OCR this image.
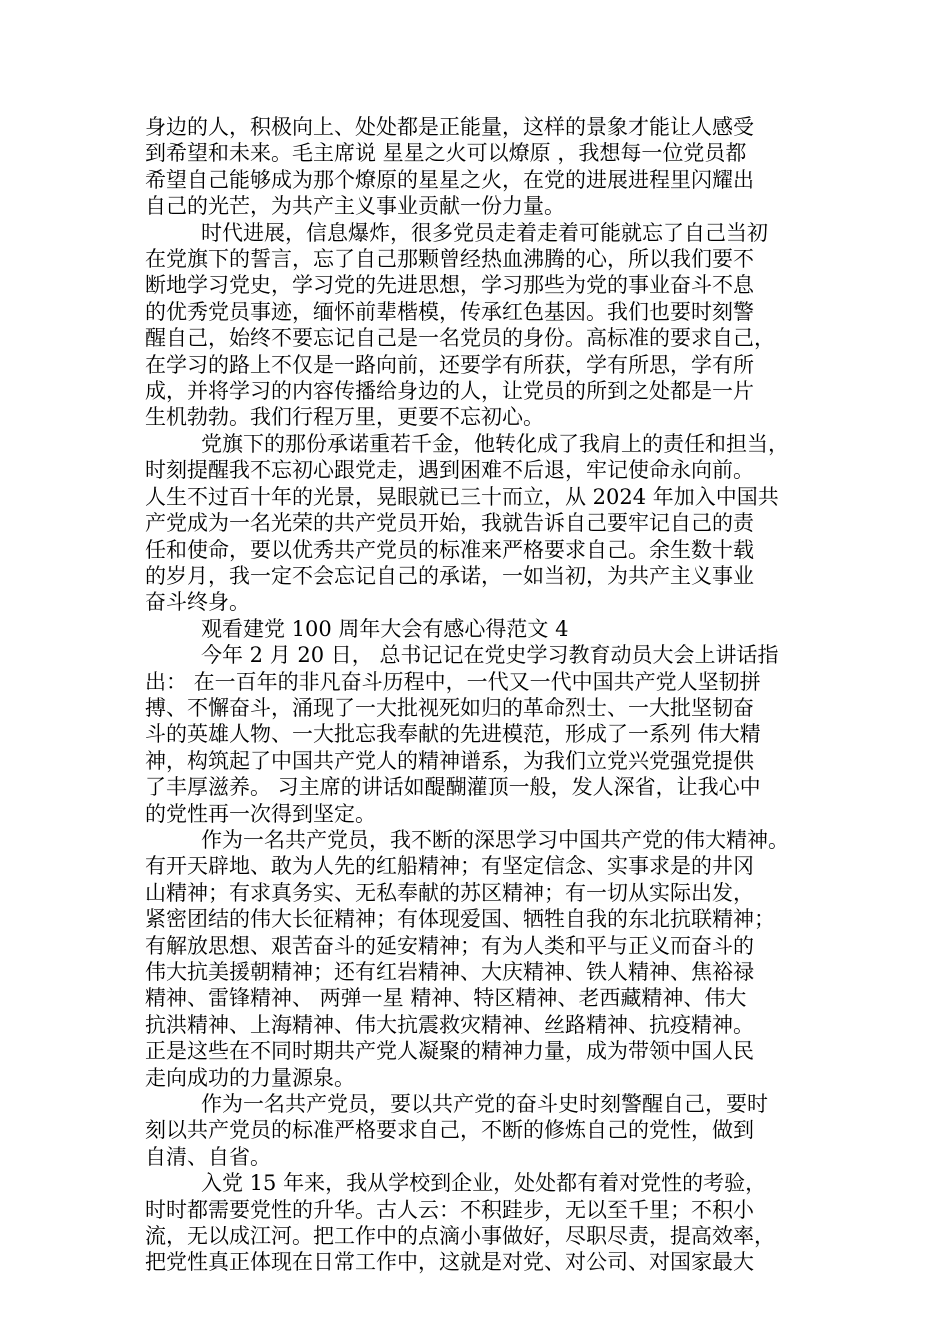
身边的人，积极向上、处处都是正能量，这样的景象才能让人感受
到希望和未来。毛主席说 星星之火可以燎原 ，我想每一位党员都
希望自己能够成为那个燎原的星星之火，在党的进展进程里闪耀出
自己的光芒，为共产主义事业贡献一份力量。

时代进展，信息爆炸，很多党员走着走着可能就忘了自己当初
在党旗下的誓言，忘了自己那颗曾经热血沸腾的心，所以我们要不
断地学习党史，学习党的先进思想，学习那些为党的事业奋斗不息
的优秀党员事迹，缅怀前辈楷模，传承红色基因。我们也要时刻警
醒自己，始终不要忘记自己是一名党员的身份。高标准的要求自己，
在学习的路上不仅是一路向前，还要学有所获，学有所思，学有所
成，并将学习的内容传播给身边的人，让党员的所到之处都是一片
生机勃勃。我们行程万里，更要不忘初心。

党旗下的那份承诺重若千金，他转化成了我肩上的责任和担当，
时刻提醒我不忘初心跟党走，遇到困难不后退，牢记使命永向前。
人生不过百十年的光景，晃眼就已三十而立，从 2024 年加入中国共
产党成为一名光荣的共产党员开始，我就告诉自己要牢记自己的责
任和使命，要以优秀共产党员的标准来严格要求自己。余生数十载
的岁月，我一定不会忘记自己的承诺，一如当初，为共产主义事业
奋斗终身。

观看建党 100 周年大会有感心得范文 4

今年 2 月 20 日， 总书记记在党史学习教育动员大会上讲话指
出： 在一百年的非凡奋斗历程中，一代又一代中国共产党人坚韧拼
搏、不懈奋斗，涌现了一大批视死如归的革命烈士、一大批坚韧奋
斗的英雄人物、一大批忘我奉献的先进模范，形成了一系列 伟大精
神，构筑起了中国共产党人的精神谱系，为我们立党兴党强党提供
了丰厚滋养。 习主席的讲话如醍醐灌顶一般，发人深省，让我心中
的党性再一次得到坚定。

作为一名共产党员，我不断的深思学习中国共产党的伟大精神。
有开天辟地、敢为人先的红船精神；有坚定信念、实事求是的井冈
山精神；有求真务实、无私奉献的苏区精神；有一切从实际出发，
紧密团结的伟大长征精神；有体现爱国、牺牲自我的东北抗联精神；
有解放思想、艰苦奋斗的延安精神；有为人类和平与正义而奋斗的
伟大抗美援朝精神；还有红岩精神、大庆精神、铁人精神、焦裕禄
精神、雷锋精神、 两弹一星 精神、特区精神、老西藏精神、伟大
抗洪精神、上海精神、伟大抗震救灾精神、丝路精神、抗疫精神。
正是这些在不同时期共产党人凝聚的精神力量，成为带领中国人民
走向成功的力量源泉。

作为一名共产党员，要以共产党的奋斗史时刻警醒自己，要时
刻以共产党员的标准严格要求自己，不断的修炼自己的党性，做到
自清、自省。

入党 15 年来，我从学校到企业，处处都有着对党性的考验，
时时都需要党性的升华。古人云：不积跬步，无以至千里；不积小
流，无以成江河。把工作中的点滴小事做好，尽职尽责，提高效率，
把党性真正体现在日常工作中，这就是对党、对公司、对国家最大
